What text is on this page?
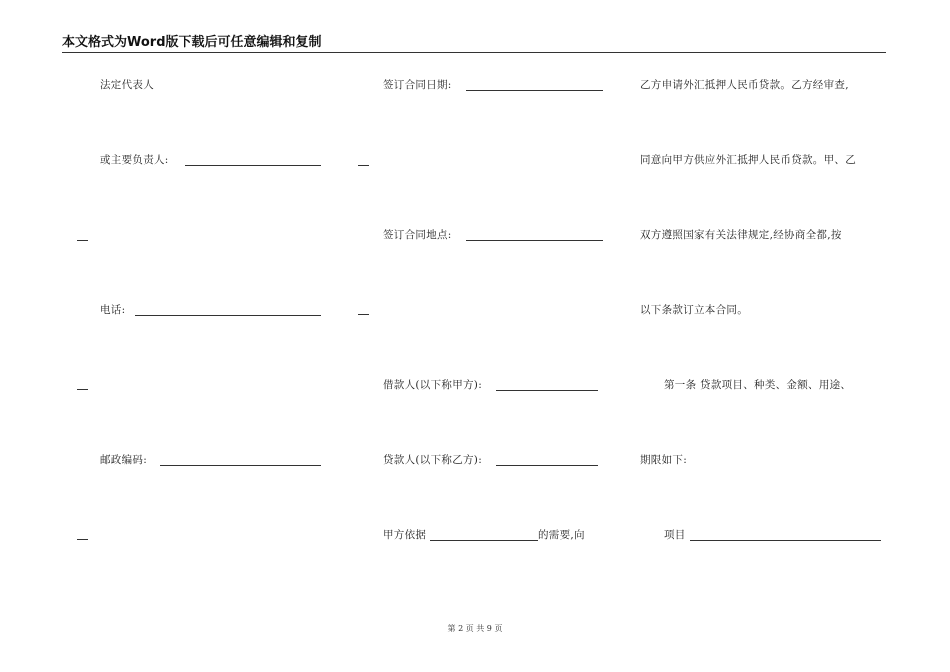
本文格式为Word版下载后可任意编辑和复制
法定代表人
或主要负责人:
电话:
邮政编码:
签订合同日期:
签订合同地点:
借款人(以下称甲方):
贷款人(以下称乙方):
甲方依据	的需要,向
乙方申请外汇抵押人民币贷款。乙方经审查,
同意向甲方供应外汇抵押人民币贷款。甲、乙
双方遵照国家有关法律规定,经协商全都,按
以下条款订立本合同。
第一条 贷款项目、种类、金额、用途、
期限如下:
项目
第 2 页 共 9 页
